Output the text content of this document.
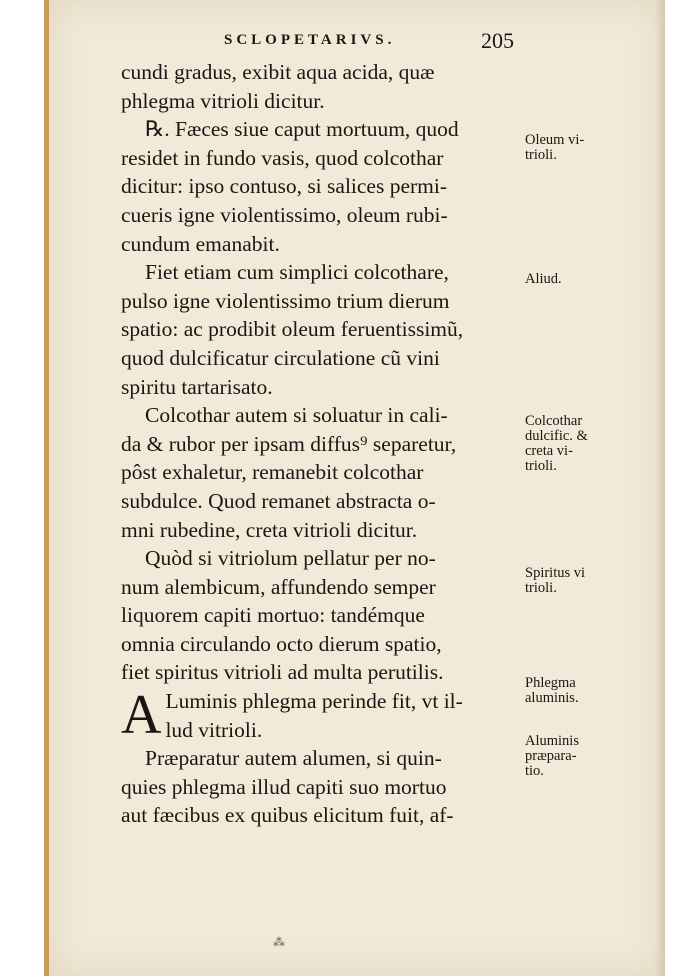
SCLOPETARIVS.	205
cundi gradus, exibit aqua acida, quæ
phlegma vitrioli dicitur.
℞. Fæces siue caput mortuum, quod
residet in fundo vasis, quod colcothar
dicitur: ipso contuso, si salices permi-
cueris igne violentissimo, oleum rubi-
cundum emanabit.
Fiet etiam cum simplici colcothare,
pulso igne violentissimo trium dierum
spatio: ac prodibit oleum feruentissimũ,
quod dulcificatur circulatione cũ vini
spiritu tartarisato.
Colcothar autem si soluatur in cali-
da & rubor per ipsam diffus⁹ separetur,
pôst exhaletur, remanebit colcothar
subdulce. Quod remanet abstracta o-
mni rubedine, creta vitrioli dicitur.
Quòd si vitriolum pellatur per no-
num alembicum, affundendo semper
liquorem capiti mortuo: tandémque
omnia circulando octo dierum spatio,
fiet spiritus vitrioli ad multa perutilis.
A Luminis phlegma perinde fit, vt il-
lud vitrioli.
Præparatur autem alumen, si quin-
quies phlegma illud capiti suo mortuo
aut fæcibus ex quibus elicitum fuit, af-
Oleum vi-
trioli.
Aliud.
Colcothar
dulcific. &
creta vi-
trioli.
Spiritus vi
trioli.
Phlegma
aluminis.
Aluminis
præpara-
tio.
⁂
